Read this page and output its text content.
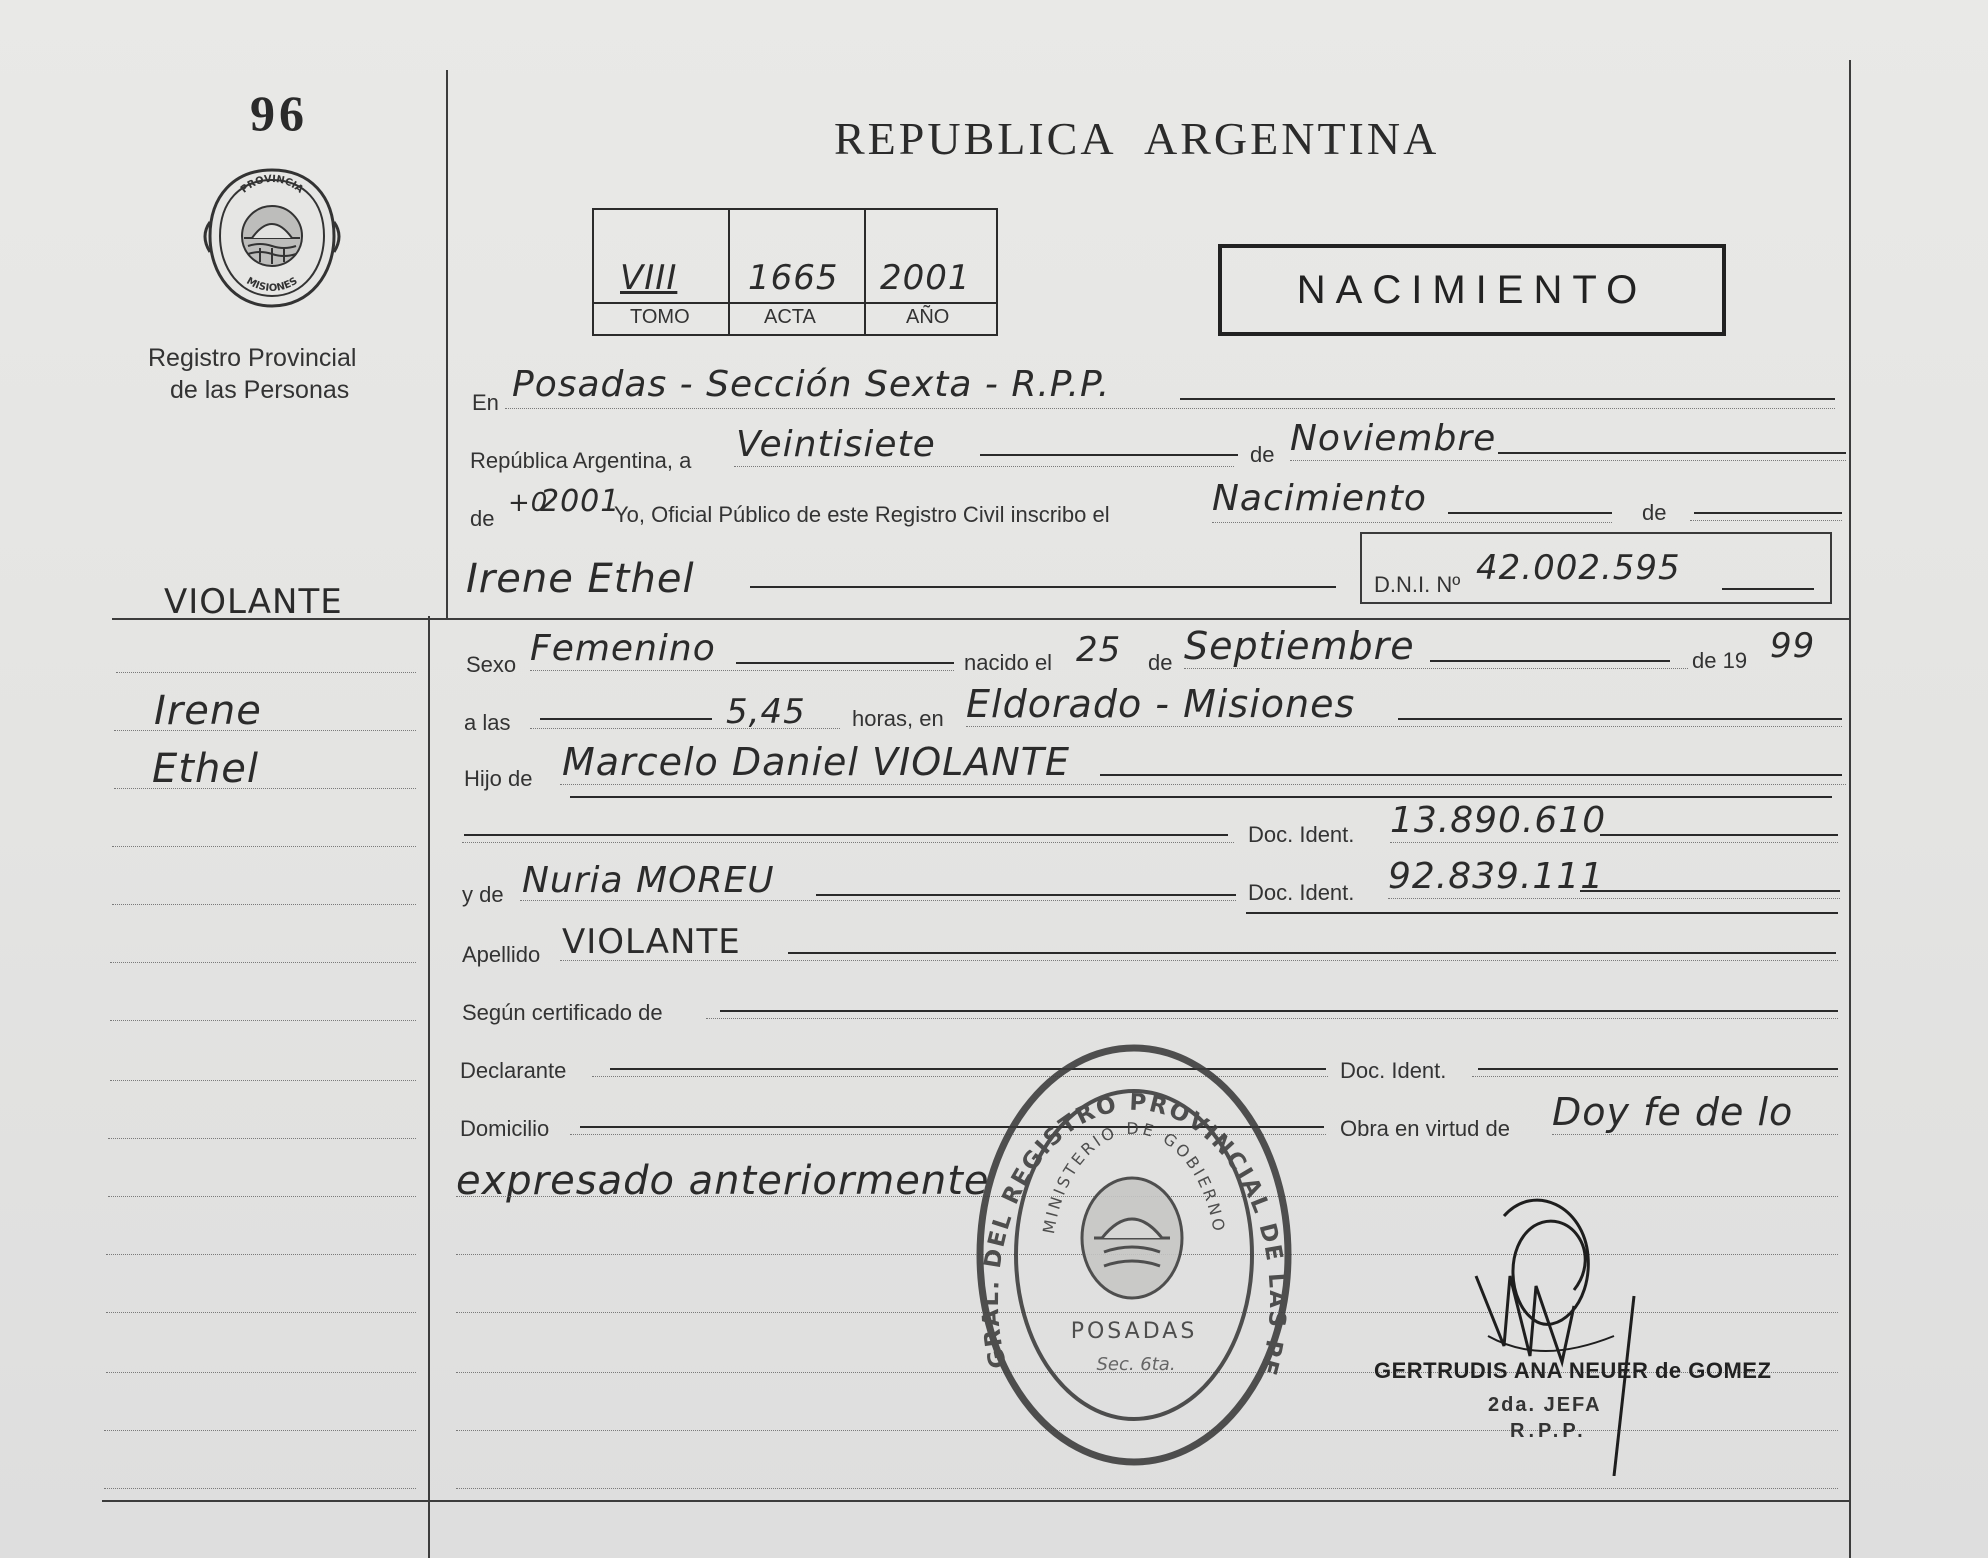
96
PROVINCIA
MISIONES
Registro Provincial
de las Personas
REPUBLICA ARGENTINA
VIII 1665 2001
TOMO	ACTA	AÑO
NACIMIENTO
En Posadas - Sección Sexta - R.P.P.
República Argentina, a Veintisiete	de Noviembre
de
+0
2001
Yo, Oficial Público de este Registro Civil inscribo el	Nacimiento	de
Irene Ethel	D.N.I. Nº 42.002.595
Sexo Femenino	nacido el 25 de Septiembre	de 19 99
a las	5,45 horas, en Eldorado - Misiones
Hijo de Marcelo Daniel VIOLANTE
Doc. Ident. 13.890.610
y de Nuria MOREU	Doc. Ident. 92.839.111
Apellido VIOLANTE
Según certificado de
Declarante	Doc. Ident.
Domicilio	Obra en virtud de Doy fe de lo
expresado anteriormente
VIOLANTE
Irene
Ethel
GRAL. DEL REGISTRO PROVINCIAL DE LAS PE
MINISTERIO DE GOBIERNO
POSADAS
Sec. 6ta.	GERTRUDIS ANA NEUER de GOMEZ
2da. JEFA
R.P.P.
